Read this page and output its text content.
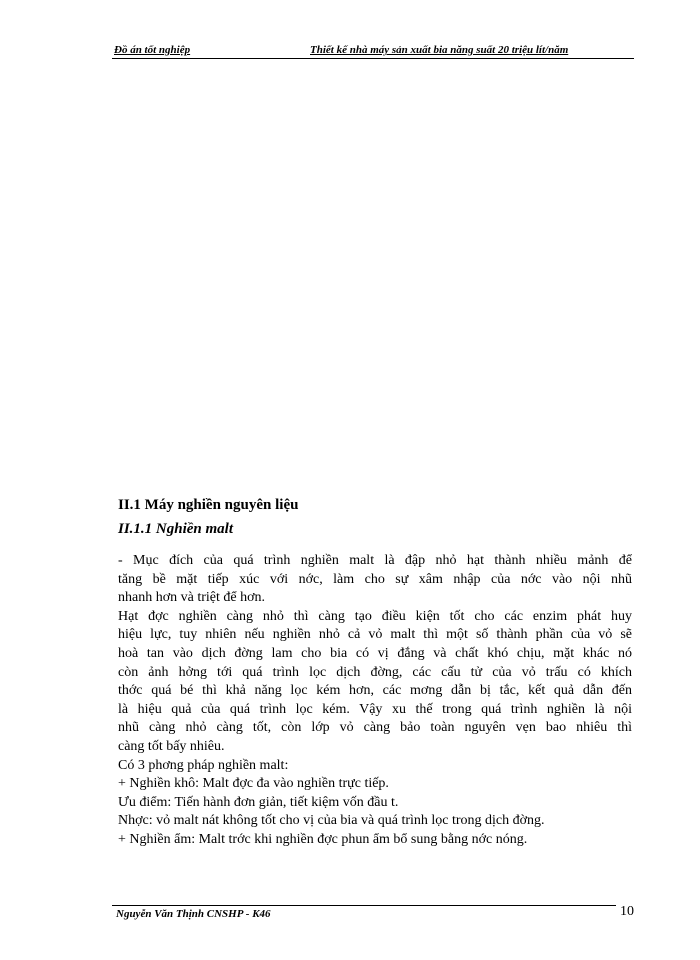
Đồ án tốt nghiệp	Thiết kế nhà máy sản xuất bia năng suất 20 triệu lít/năm
II.1 Máy nghiền nguyên liệu
II.1.1 Nghiền malt
- Mục đích của quá trình nghiền malt là đập nhỏ hạt thành nhiều mảnh để
tăng bề mặt tiếp xúc với nớc, làm cho sự xâm nhập của nớc vào nội nhũ
nhanh hơn và triệt để hơn.
Hạt đợc nghiền càng nhỏ thì càng tạo điều kiện tốt cho các enzim phát huy
hiệu lực, tuy nhiên nếu nghiền nhỏ cả vỏ malt thì một số thành phần của vỏ sẽ
hoà tan vào dịch đờng lam cho bia có vị đắng và chất khó chịu, mặt khác nó
còn ảnh hởng tới quá trình lọc dịch đờng, các cấu tử của vỏ trấu có khích
thớc quá bé thì khả năng lọc kém hơn, các mơng dẫn bị tắc, kết quả dẫn đến
là hiệu quả của quá trình lọc kém. Vậy xu thế trong quá trình nghiền là nội
nhũ càng nhỏ càng tốt, còn lớp vỏ càng bảo toàn nguyên vẹn bao nhiêu thì
càng tốt bấy nhiêu.
Có 3 phơng pháp nghiền malt:
+ Nghiền khô: Malt đợc đa vào nghiền trực tiếp.
Ưu điểm: Tiến hành đơn giản, tiết kiệm vốn đầu t.
Nhợc: vỏ malt nát không tốt cho vị của bia và quá trình lọc trong dịch đờng.
+ Nghiền ẩm: Malt trớc khi nghiền đợc phun ẩm bổ sung bằng nớc nóng.
Nguyễn Văn Thịnh CNSHP - K46	10
